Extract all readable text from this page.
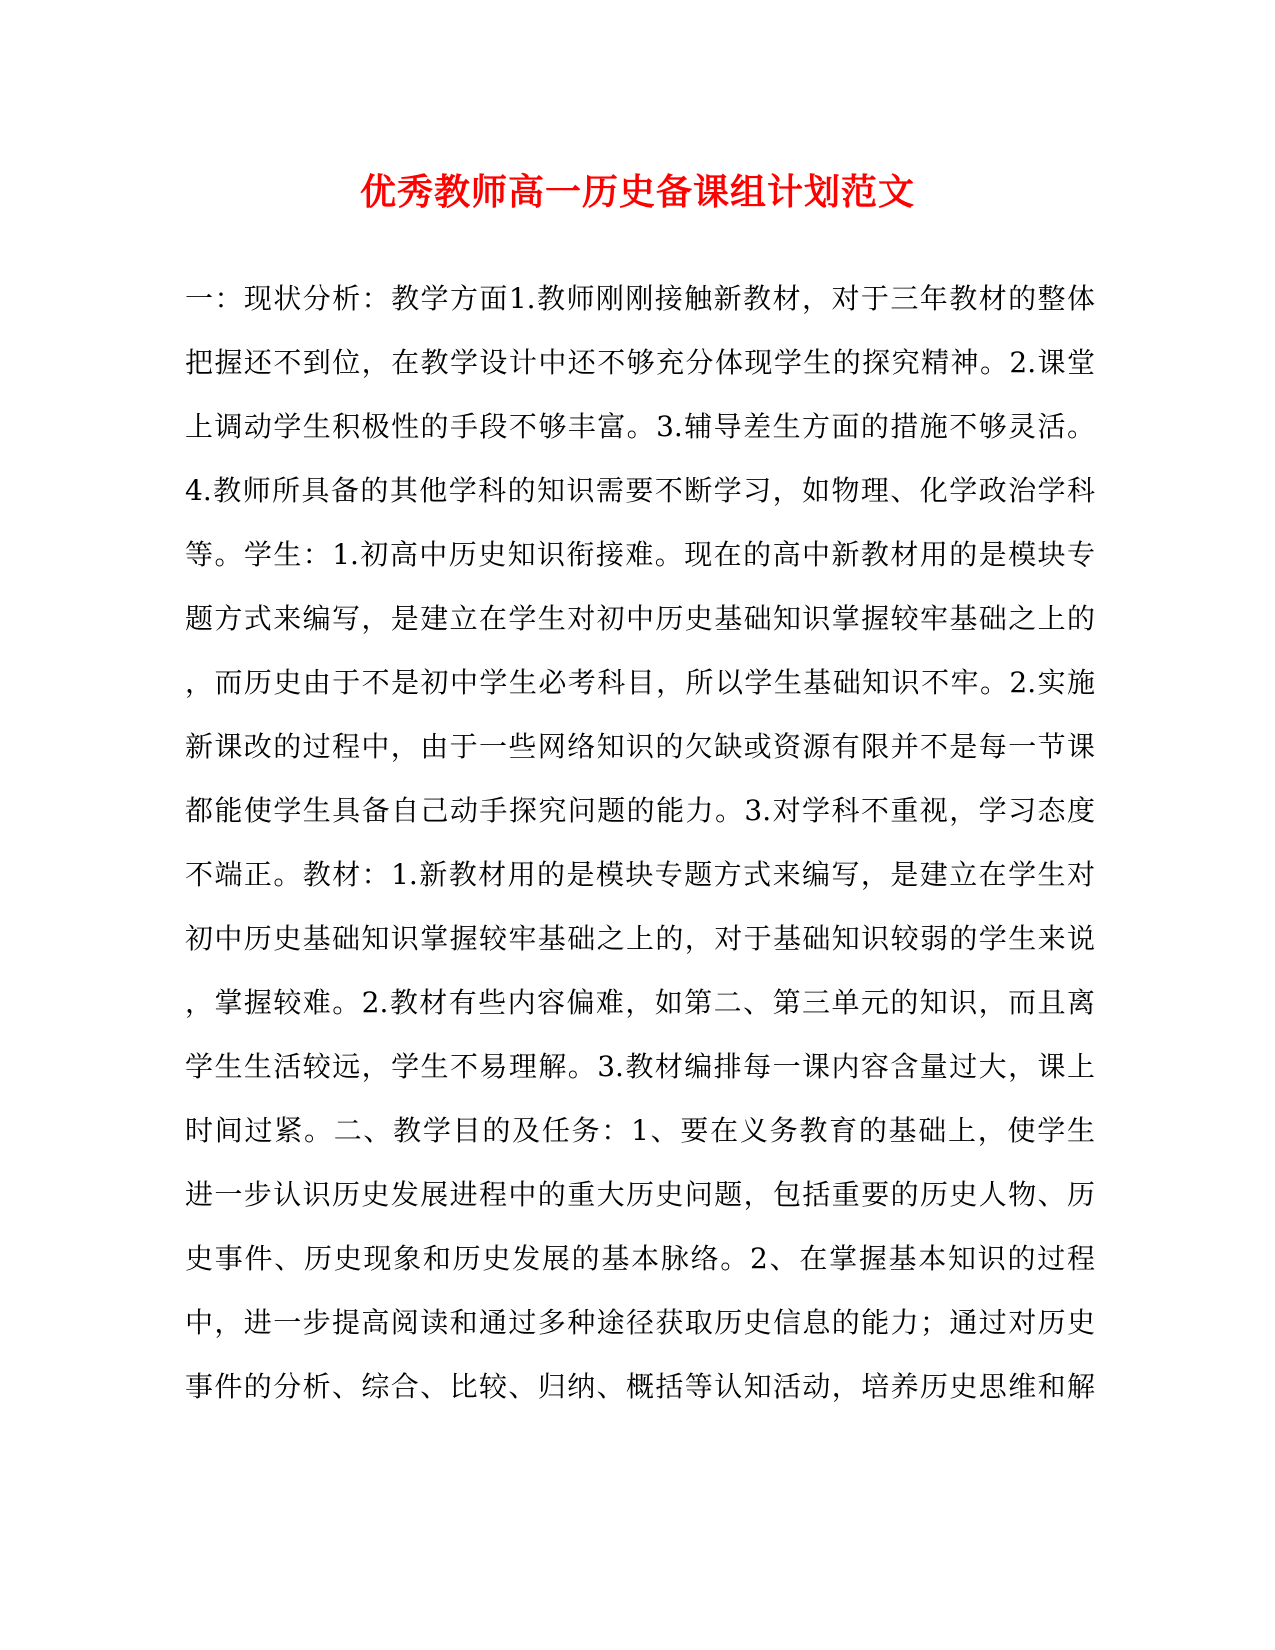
优秀教师高一历史备课组计划范文
一：现状分析：教学方面1.教师刚刚接触新教材，对于三年教材的整体
把握还不到位，在教学设计中还不够充分体现学生的探究精神。2.课堂
上调动学生积极性的手段不够丰富。3.辅导差生方面的措施不够灵活。
4.教师所具备的其他学科的知识需要不断学习，如物理、化学政治学科
等。学生：1.初高中历史知识衔接难。现在的高中新教材用的是模块专
题方式来编写，是建立在学生对初中历史基础知识掌握较牢基础之上的
，而历史由于不是初中学生必考科目，所以学生基础知识不牢。2.实施
新课改的过程中，由于一些网络知识的欠缺或资源有限并不是每一节课
都能使学生具备自己动手探究问题的能力。3.对学科不重视，学习态度
不端正。教材：1.新教材用的是模块专题方式来编写，是建立在学生对
初中历史基础知识掌握较牢基础之上的，对于基础知识较弱的学生来说
，掌握较难。2.教材有些内容偏难，如第二、第三单元的知识，而且离
学生生活较远，学生不易理解。3.教材编排每一课内容含量过大，课上
时间过紧。二、教学目的及任务：1、要在义务教育的基础上，使学生
进一步认识历史发展进程中的重大历史问题，包括重要的历史人物、历
史事件、历史现象和历史发展的基本脉络。2、在掌握基本知识的过程
中，进一步提高阅读和通过多种途径获取历史信息的能力；通过对历史
事件的分析、综合、比较、归纳、概括等认知活动，培养历史思维和解
